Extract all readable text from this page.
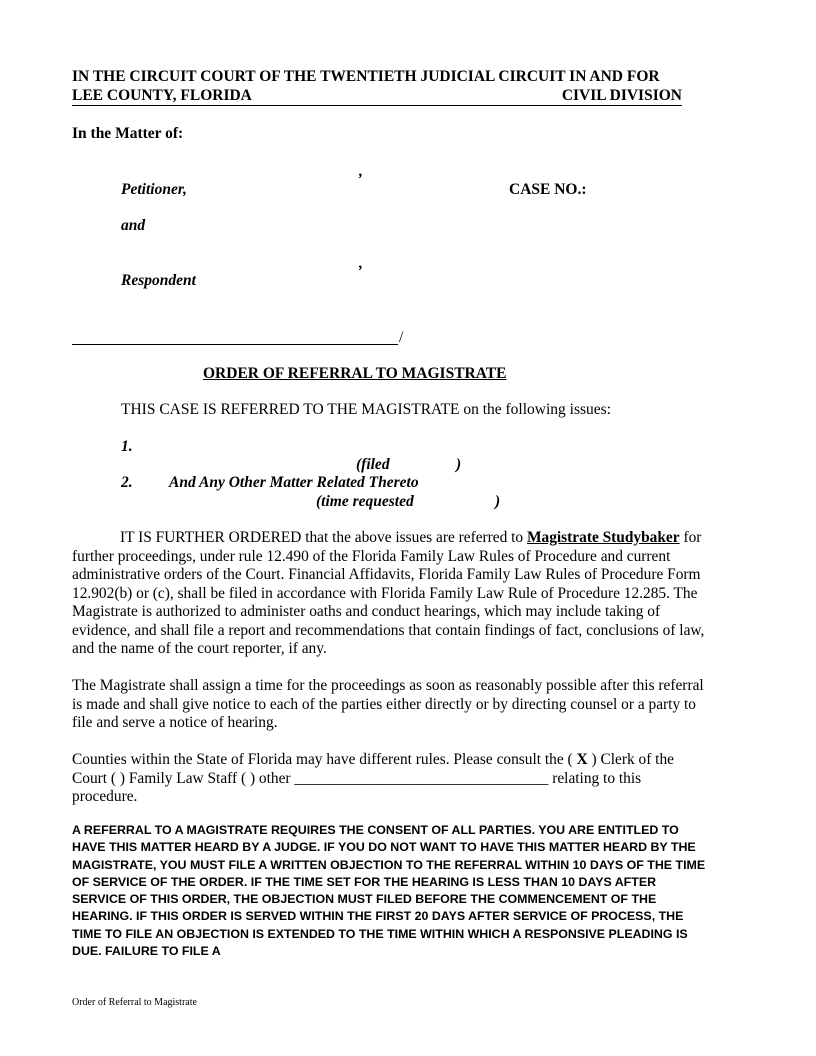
IN THE CIRCUIT COURT OF THE TWENTIETH JUDICIAL CIRCUIT IN AND FOR
LEE COUNTY, FLORIDA	CIVIL DIVISION
In the Matter of:
,
Petitioner,	CASE NO.:
and
,
Respondent
/
ORDER OF REFERRAL TO MAGISTRATE
THIS CASE IS REFERRED TO THE MAGISTRATE on the following issues:
1.
(filed	)
2. And Any Other Matter Related Thereto
(time requested	)
IT IS FURTHER ORDERED that the above issues are referred to Magistrate Studybaker for further proceedings, under rule 12.490 of the Florida Family Law Rules of Procedure and current administrative orders of the Court. Financial Affidavits, Florida Family Law Rules of Procedure Form 12.902(b) or (c), shall be filed in accordance with Florida Family Law Rule of Procedure 12.285. The Magistrate is authorized to administer oaths and conduct hearings, which may include taking of evidence, and shall file a report and recommendations that contain findings of fact, conclusions of law, and the name of the court reporter, if any.
The Magistrate shall assign a time for the proceedings as soon as reasonably possible after this referral is made and shall give notice to each of the parties either directly or by directing counsel or a party to file and serve a notice of hearing.
Counties within the State of Florida may have different rules. Please consult the ( X ) Clerk of the Court ( ) Family Law Staff ( ) other _________________________________ relating to this procedure.
A REFERRAL TO A MAGISTRATE REQUIRES THE CONSENT OF ALL PARTIES. YOU ARE ENTITLED TO HAVE THIS MATTER HEARD BY A JUDGE. IF YOU DO NOT WANT TO HAVE THIS MATTER HEARD BY THE MAGISTRATE, YOU MUST FILE A WRITTEN OBJECTION TO THE REFERRAL WITHIN 10 DAYS OF THE TIME OF SERVICE OF THE ORDER. IF THE TIME SET FOR THE HEARING IS LESS THAN 10 DAYS AFTER SERVICE OF THIS ORDER, THE OBJECTION MUST FILED BEFORE THE COMMENCEMENT OF THE HEARING. IF THIS ORDER IS SERVED WITHIN THE FIRST 20 DAYS AFTER SERVICE OF PROCESS, THE TIME TO FILE AN OBJECTION IS EXTENDED TO THE TIME WITHIN WHICH A RESPONSIVE PLEADING IS DUE. FAILURE TO FILE A
Order of Referral to Magistrate
